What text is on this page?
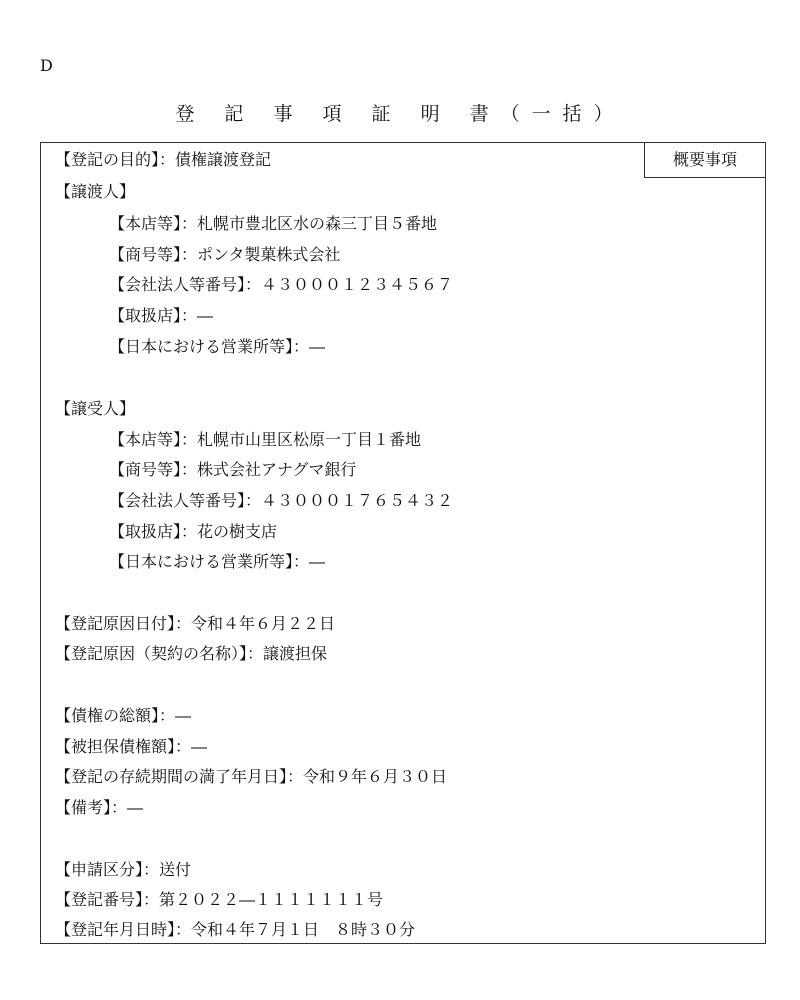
D
登 記 事 項 証 明 書（一括）
概要事項
【登記の目的】：債権譲渡登記
【譲渡人】
【本店等】：札幌市豊北区水の森三丁目５番地
【商号等】：ポンタ製菓株式会社
【会社法人等番号】：４３０００１２３４５６７
【取扱店】：―
【日本における営業所等】：―
【譲受人】
【本店等】：札幌市山里区松原一丁目１番地
【商号等】：株式会社アナグマ銀行
【会社法人等番号】：４３０００１７６５４３２
【取扱店】：花の樹支店
【日本における営業所等】：―
【登記原因日付】：令和４年６月２２日
【登記原因（契約の名称）】：譲渡担保
【債権の総額】：―
【被担保債権額】：―
【登記の存続期間の満了年月日】：令和９年６月３０日
【備考】：―
【申請区分】：送付
【登記番号】：第２０２２―１１１１１１１号
【登記年月日時】：令和４年７月１日　８時３０分
